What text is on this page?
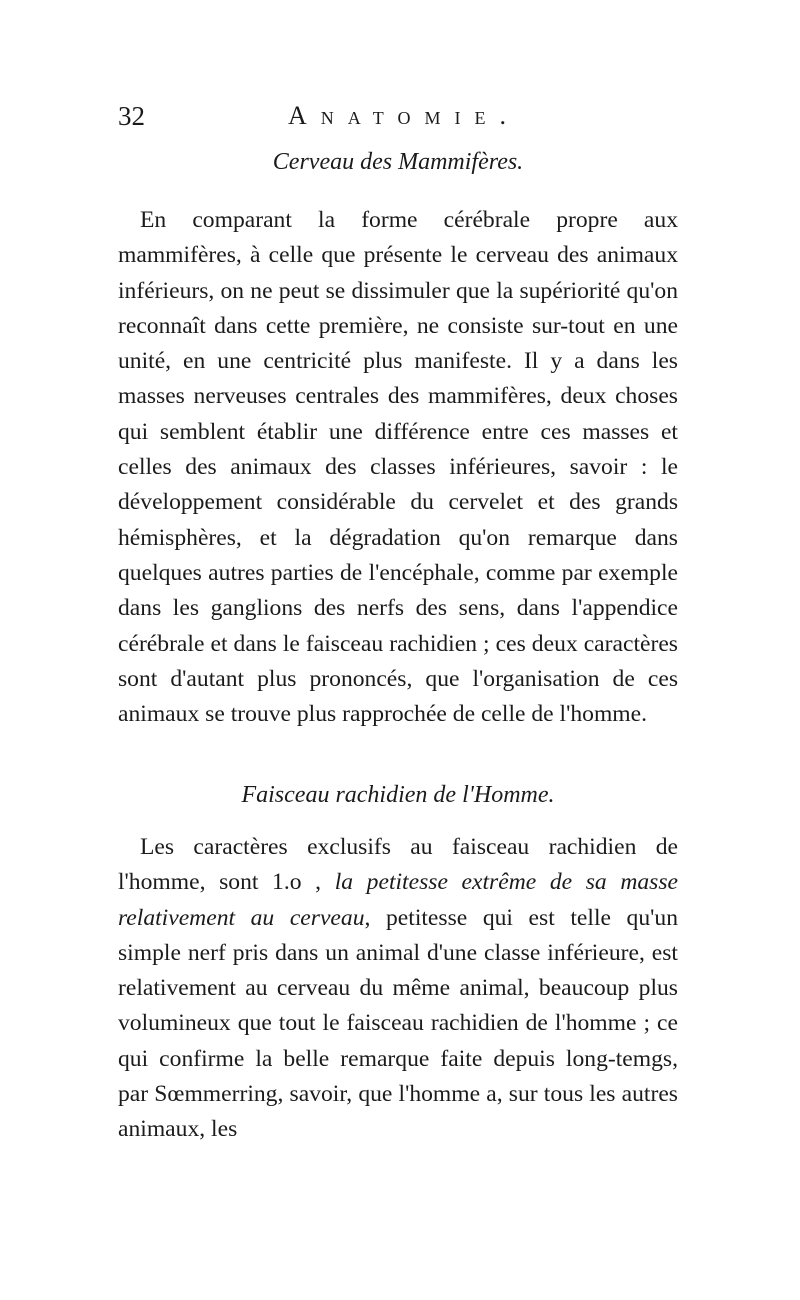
32	Anatomie.
Cerveau des Mammifères.

En comparant la forme cérébrale propre aux mammifères, à celle que présente le cerveau des animaux inférieurs, on ne peut se dissimuler que la supériorité qu'on reconnaît dans cette première, ne consiste sur-tout en une unité, en une centricité plus manifeste. Il y a dans les masses nerveuses centrales des mammifères, deux choses qui semblent établir une différence entre ces masses et celles des animaux des classes inférieures, savoir : le développement considérable du cervelet et des grands hémisphères, et la dégradation qu'on remarque dans quelques autres parties de l'encéphale, comme par exemple dans les ganglions des nerfs des sens, dans l'appendice cérébrale et dans le faisceau rachidien ; ces deux caractères sont d'autant plus prononcés, que l'organisation de ces animaux se trouve plus rapprochée de celle de l'homme.

Faisceau rachidien de l'Homme.

Les caractères exclusifs au faisceau rachidien de l'homme, sont 1.o , la petitesse extrême de sa masse relativement au cerveau, petitesse qui est telle qu'un simple nerf pris dans un animal d'une classe inférieure, est relativement au cerveau du même animal, beaucoup plus volumineux que tout le faisceau rachidien de l'homme ; ce qui confirme la belle remarque faite depuis long-temgs, par Sœmmerring, savoir, que l'homme a, sur tous les autres animaux, les
